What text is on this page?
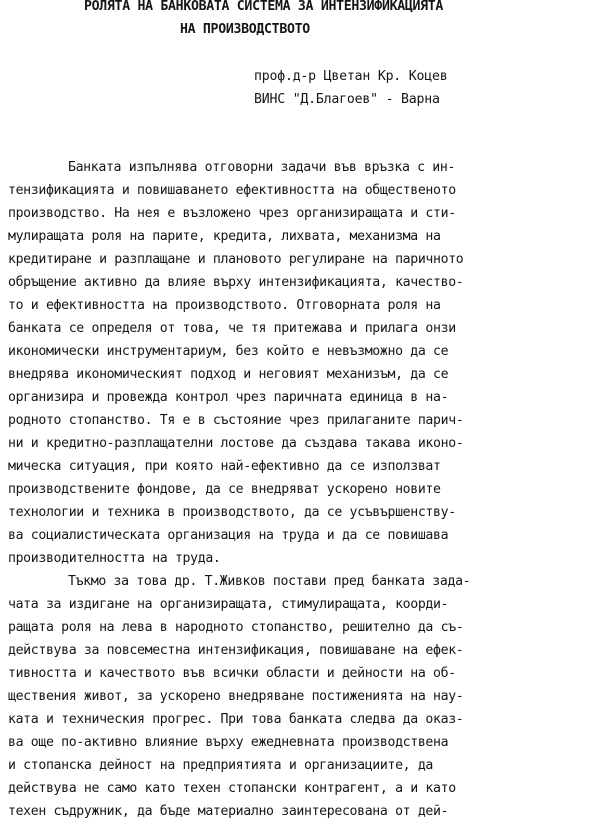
РОЛЯТА НА БАНКОВАТА СИСТЕМА ЗА ИНТЕНЗИФИКАЦИЯТА
НА ПРОИЗВОДСТВОТО
проф.д-р Цветан Кр. Коцев
ВИНС "Д.Благоев" - Варна
Банката изпълнява отговорни задачи във връзка с ин-
тензификацията и повишаването ефективността на общественото
производство. На нея е възложено чрез организиращата и сти-
мулиращата роля на парите, кредита, лихвата, механизма на
кредитиране и разплащане и плановото регулиране на паричното
обръщение активно да влияе върху интензификацията, качество-
то и ефективността на производството. Отговорната роля на
банката се определя от това, че тя притежава и прилага онзи
икономически инструментариум, без който е невъзможно да се
внедрява икономическият подход и неговият механизъм, да се
организира и провежда контрол чрез паричната единица в на-
родното стопанство. Тя е в състояние чрез прилаганите парич-
ни и кредитно-разплащателни лостове да създава такава иконо-
мическа ситуация, при която най-ефективно да се използват
производствените фондове, да се внедряват ускорено новите
технологии и техника в производството, да се усъвършенству-
ва социалистическата организация на труда и да се повишава
производителността на труда.
Тъкмо за това др. Т.Живков постави пред банката зада-
чата за издигане на организиращата, стимулиращата, коорди-
ращата роля на лева в народното стопанство, решително да съ-
действува за повсеместна интензификация, повишаване на ефек-
тивността и качеството във всички области и дейности на об-
ществения живот, за ускорено внедряване постиженията на нау-
ката и техническия прогрес. При това банката следва да оказ-
ва още по-активно влияние върху ежедневната производствена
и стопанска дейност на предприятията и организациите, да
действува не само като техен стопански контрагент, а и като
техен съдружник, да бъде материално заинтересована от дей-
